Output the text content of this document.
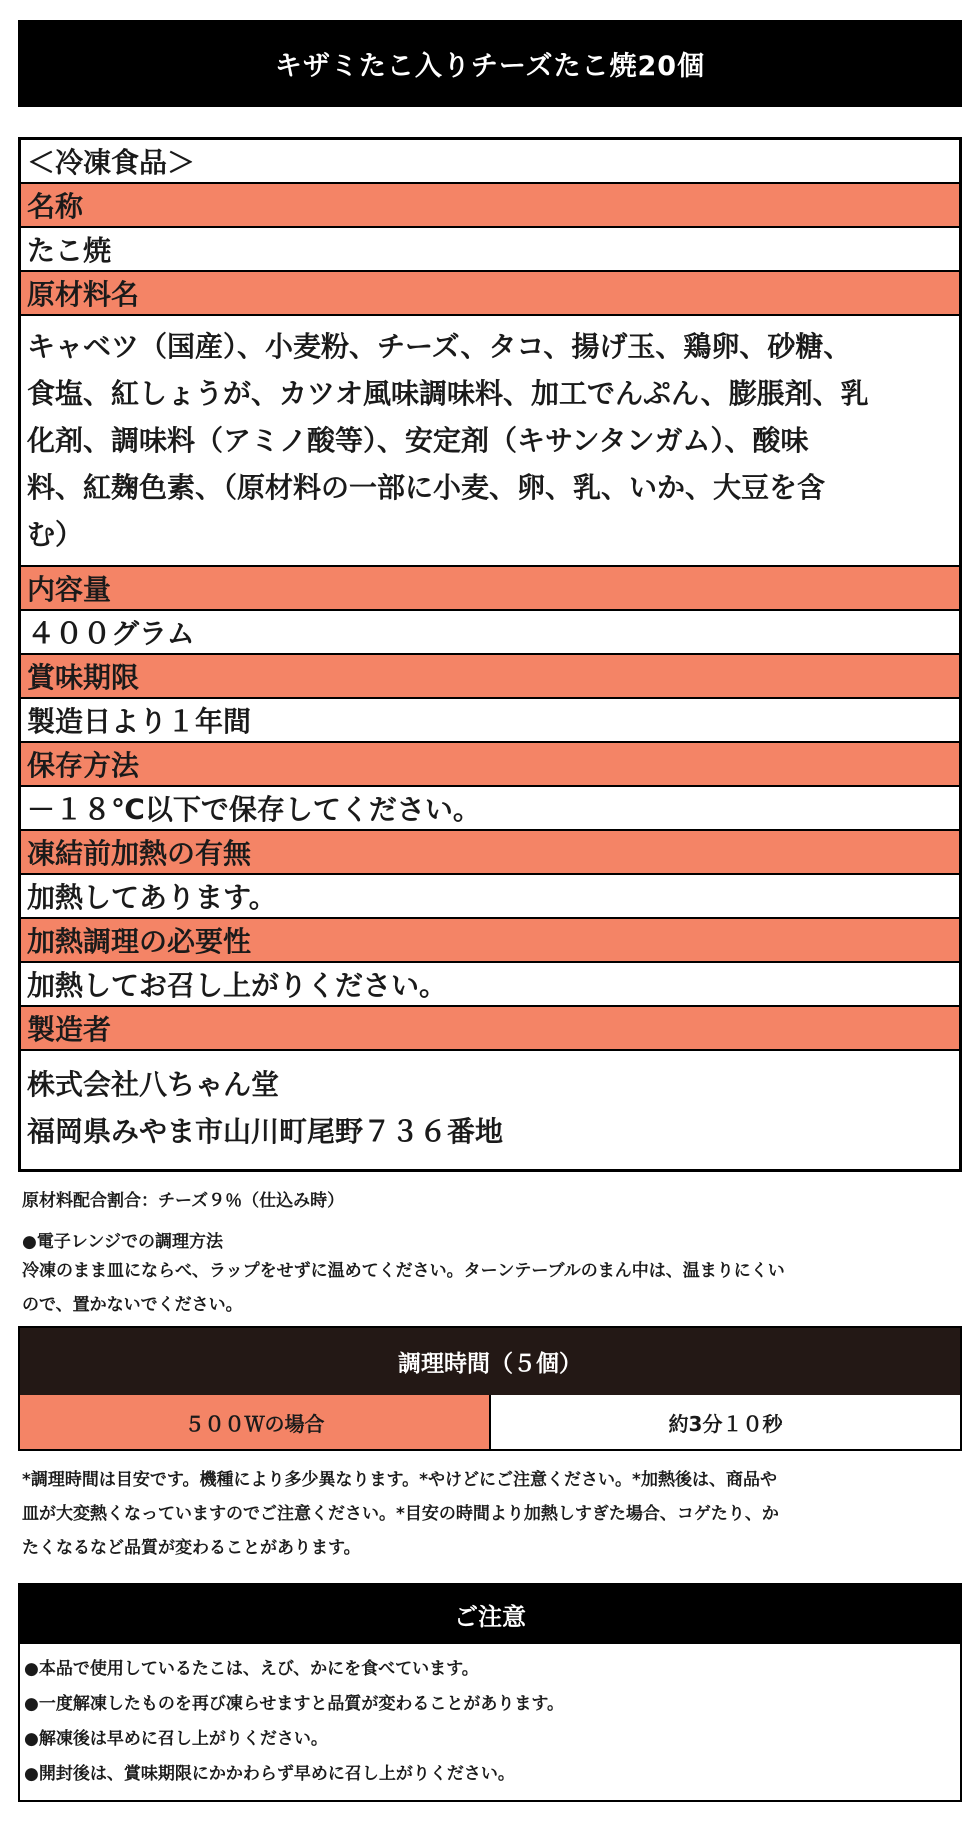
キザミたこ入りチーズたこ焼20個
＜冷凍食品＞
名称
たこ焼
原材料名
キャベツ（国産）、小麦粉、チーズ、タコ、揚げ玉、鶏卵、砂糖、
食塩、紅しょうが、カツオ風味調味料、加工でんぷん、膨脹剤、乳
化剤、調味料（アミノ酸等）、安定剤（キサンタンガム）、酸味
料、紅麹色素、（原材料の一部に小麦、卵、乳、いか、大豆を含
む）
内容量
４００グラム
賞味期限
製造日より１年間
保存方法
－１８℃以下で保存してください。
凍結前加熱の有無
加熱してあります。
加熱調理の必要性
加熱してお召し上がりください。
製造者
株式会社八ちゃん堂
福岡県みやま市山川町尾野７３６番地
原材料配合割合：チーズ９％（仕込み時）
●電子レンジでの調理方法
冷凍のまま皿にならべ、ラップをせずに温めてください。ターンテーブルのまん中は、温まりにくい
ので、置かないでください。
調理時間（５個）
５００Ｗの場合	約3分１０秒
*調理時間は目安です。機種により多少異なります。*やけどにご注意ください。*加熱後は、商品や
皿が大変熱くなっていますのでご注意ください。*目安の時間より加熱しすぎた場合、コゲたり、か
たくなるなど品質が変わることがあります。
ご注意
●本品で使用しているたこは、えび、かにを食べています。
●一度解凍したものを再び凍らせますと品質が変わることがあります。
●解凍後は早めに召し上がりください。
●開封後は、賞味期限にかかわらず早めに召し上がりください。
